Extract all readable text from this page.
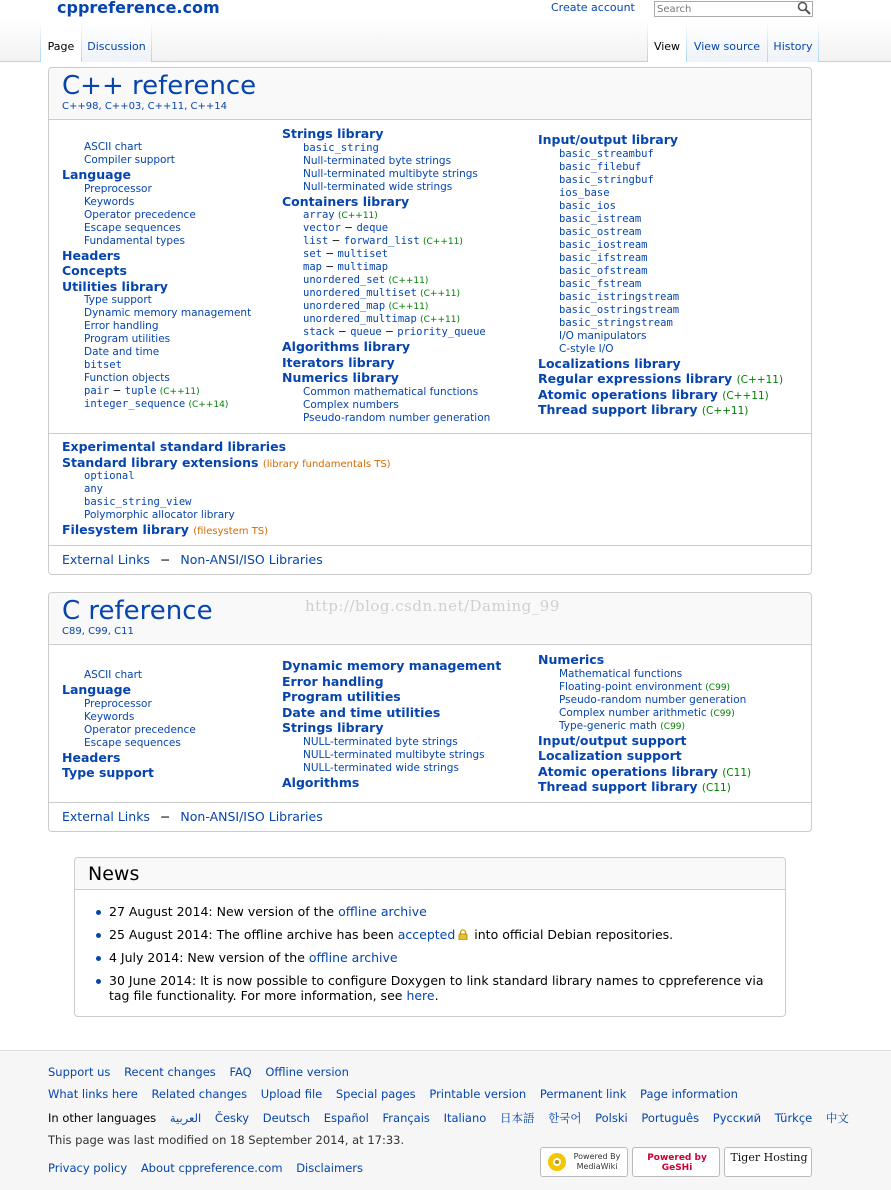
cppreference.com	Create account
Search
Page	Discussion	View	View source	History
C++ reference
C++98, C++03, C++11, C++14
ASCII chart
Compiler support
Language
Preprocessor
Keywords
Operator precedence
Escape sequences
Fundamental types
Headers
Concepts
Utilities library
Type support
Dynamic memory management
Error handling
Program utilities
Date and time
bitset
Function objects
pair − tuple (C++11)
integer_sequence (C++14)
Strings library
basic_string
Null-terminated byte strings
Null-terminated multibyte strings
Null-terminated wide strings
Containers library
array (C++11)
vector − deque
list − forward_list (C++11)
set − multiset
map − multimap
unordered_set (C++11)
unordered_multiset (C++11)
unordered_map (C++11)
unordered_multimap (C++11)
stack − queue − priority_queue
Algorithms library
Iterators library
Numerics library
Common mathematical functions
Complex numbers
Pseudo-random number generation
Input/output library
basic_streambuf
basic_filebuf
basic_stringbuf
ios_base
basic_ios
basic_istream
basic_ostream
basic_iostream
basic_ifstream
basic_ofstream
basic_fstream
basic_istringstream
basic_ostringstream
basic_stringstream
I/O manipulators
C-style I/O
Localizations library
Regular expressions library (C++11)
Atomic operations library (C++11)
Thread support library (C++11)
Experimental standard libraries
Standard library extensions (library fundamentals TS)
optional
any
basic_string_view
Polymorphic allocator library
Filesystem library (filesystem TS)
External Links − Non-ANSI/ISO Libraries
C reference
C89, C99, C11
ASCII chart
Language
Preprocessor
Keywords
Operator precedence
Escape sequences
Headers
Type support
Dynamic memory management
Error handling
Program utilities
Date and time utilities
Strings library
NULL-terminated byte strings
NULL-terminated multibyte strings
NULL-terminated wide strings
Algorithms
Numerics
Mathematical functions
Floating-point environment (C99)
Pseudo-random number generation
Complex number arithmetic (C99)
Type-generic math (C99)
Input/output support
Localization support
Atomic operations library (C11)
Thread support library (C11)
External Links − Non-ANSI/ISO Libraries
http://blog.csdn.net/Daming_99
News
27 August 2014: New version of the offline archive
25 August 2014: The offline archive has been accepted into official Debian repositories.
4 July 2014: New version of the offline archive
30 June 2014: It is now possible to configure Doxygen to link standard library names to cppreference via tag file functionality. For more information, see here.
Support us Recent changes FAQ Offline version
What links here Related changes Upload file Special pages Printable version Permanent link Page information
In other languages العربية Česky Deutsch Español Français Italiano 日本語 한국어 Polski Português Русский Türkçe 中文
This page was last modified on 18 September 2014, at 17:33.
Privacy policy About cppreference.com Disclaimers
Powered By MediaWiki
Powered by GeSHi
Tiger Hosting
